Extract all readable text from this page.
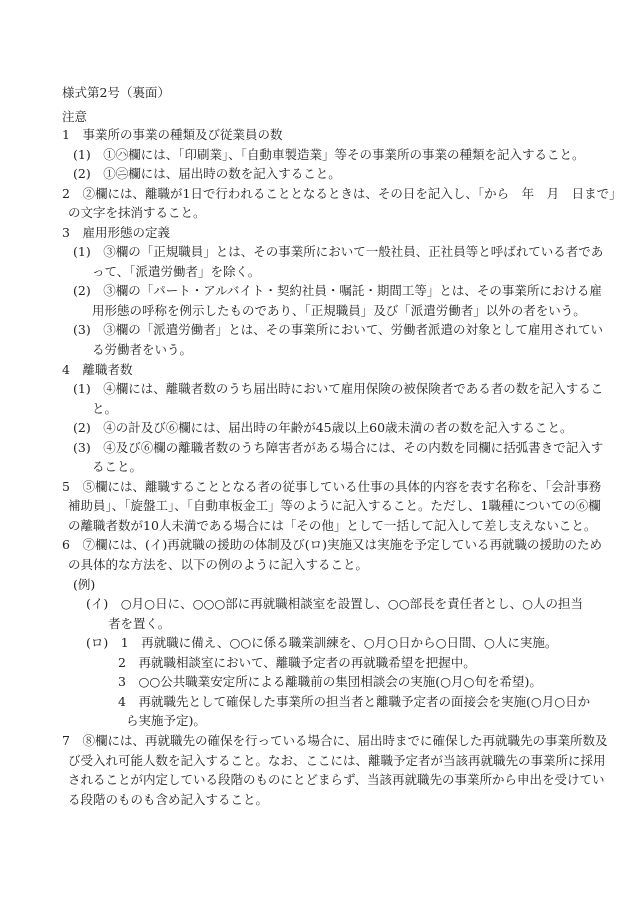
様式第2号（裏面）
注意
1　事業所の事業の種類及び従業員の数
(1)　①㋩欄には、「印刷業」、「自動車製造業」等その事業所の事業の種類を記入すること。
(2)　①㋥欄には、届出時の数を記入すること。
2　②欄には、離職が1日で行われることとなるときは、その日を記入し、「から　年　月　日まで」
の文字を抹消すること。
3　雇用形態の定義
(1)　③欄の「正規職員」とは、その事業所において一般社員、正社員等と呼ばれている者であ
って、「派遣労働者」を除く。
(2)　③欄の「パート・アルバイト・契約社員・嘱託・期間工等」とは、その事業所における雇
用形態の呼称を例示したものであり、「正規職員」及び「派遣労働者」以外の者をいう。
(3)　③欄の「派遣労働者」とは、その事業所において、労働者派遣の対象として雇用されてい
る労働者をいう。
4　離職者数
(1)　④欄には、離職者数のうち届出時において雇用保険の被保険者である者の数を記入するこ
と。
(2)　④の計及び⑥欄には、届出時の年齢が45歳以上60歳未満の者の数を記入すること。
(3)　④及び⑥欄の離職者数のうち障害者がある場合には、その内数を同欄に括弧書きで記入す
ること。
5　⑤欄には、離職することとなる者の従事している仕事の具体的内容を表す名称を、「会計事務
補助員」、「旋盤工」、「自動車板金工」等のように記入すること。ただし、1職種についての⑥欄
の離職者数が10人未満である場合には「その他」として一括して記入して差し支えないこと。
6　⑦欄には、(イ)再就職の援助の体制及び(ロ)実施又は実施を予定している再就職の援助のため
の具体的な方法を、以下の例のように記入すること。
(例)
(イ)　○月○日に、○○○部に再就職相談室を設置し、○○部長を責任者とし、○人の担当
者を置く。
(ロ)　1　再就職に備え、○○に係る職業訓練を、○月○日から○日間、○人に実施。
2　再就職相談室において、離職予定者の再就職希望を把握中。
3　○○公共職業安定所による離職前の集団相談会の実施(○月○旬を希望)。
4　再就職先として確保した事業所の担当者と離職予定者の面接会を実施(○月○日か
ら実施予定)。
7　⑧欄には、再就職先の確保を行っている場合に、届出時までに確保した再就職先の事業所数及
び受入れ可能人数を記入すること。なお、ここには、離職予定者が当該再就職先の事業所に採用
されることが内定している段階のものにとどまらず、当該再就職先の事業所から申出を受けてい
る段階のものも含め記入すること。
